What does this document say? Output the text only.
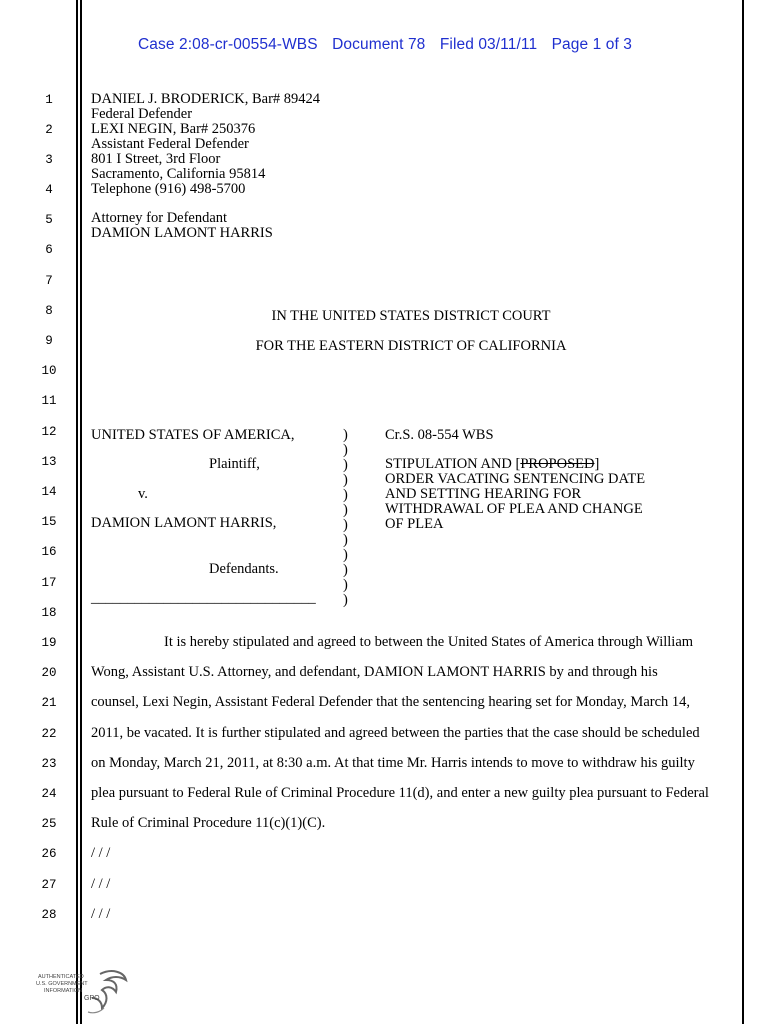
Case 2:08-cr-00554-WBS Document 78 Filed 03/11/11 Page 1 of 3
1
2
3
4
5
6
7
8
9
10
11
12
13
14
15
16
17
18
19
20
21
22
23
24
25
26
27
28
DANIEL J. BRODERICK, Bar# 89424
Federal Defender
LEXI NEGIN, Bar# 250376
Assistant Federal Defender
801 I Street, 3rd Floor
Sacramento, California 95814
Telephone (916) 498-5700
Attorney for Defendant
DAMION LAMONT HARRIS
IN THE UNITED STATES DISTRICT COURT
FOR THE EASTERN DISTRICT OF CALIFORNIA
UNITED STATES OF AMERICA,
Plaintiff,
v.
DAMION LAMONT HARRIS,
Defendants.
_______________________________
)
)
)
)
)
)
)
)
)
)
)
)
Cr.S. 08-554 WBS
STIPULATION AND [PROPOSED]
ORDER VACATING SENTENCING DATE
AND SETTING HEARING FOR
WITHDRAWAL OF PLEA AND CHANGE
OF PLEA
It is hereby stipulated and agreed to between the United States of America through William
Wong, Assistant U.S. Attorney, and defendant, DAMION LAMONT HARRIS by and through his
counsel, Lexi Negin, Assistant Federal Defender that the sentencing hearing set for Monday, March 14,
2011, be vacated. It is further stipulated and agreed between the parties that the case should be scheduled
on Monday, March 21, 2011, at 8:30 a.m. At that time Mr. Harris intends to move to withdraw his guilty
plea pursuant to Federal Rule of Criminal Procedure 11(d), and enter a new guilty plea pursuant to Federal
Rule of Criminal Procedure 11(c)(1)(C).
/ / /
/ / /
/ / /
AUTHENTICATED
U.S. GOVERNMENT
INFORMATION
GPO
